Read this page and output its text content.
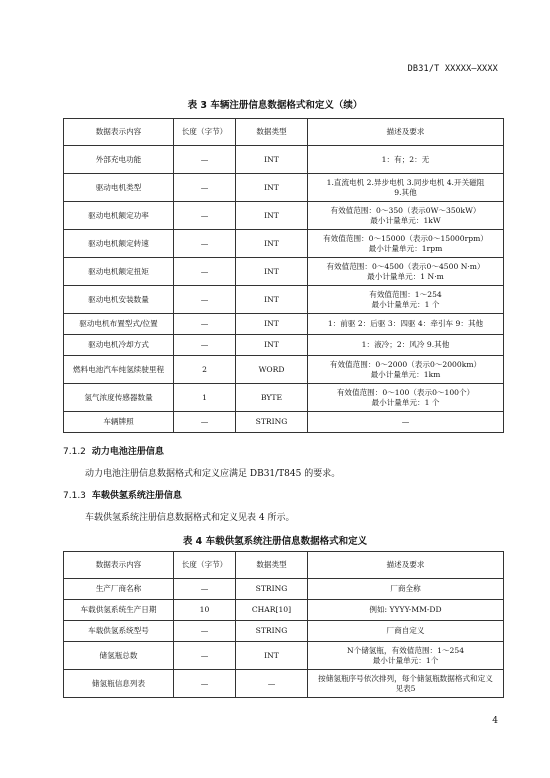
DB31/T XXXXX—XXXX
表 3 车辆注册信息数据格式和定义（续）
数据表示内容	长度（字节）	数据类型	描述及要求
外部充电功能	—	INT	1：有；2：无

驱动电机类型	—	INT	1.直流电机 2.异步电机 3.同步电机 4.开关磁阻
9.其他

驱动电机额定功率	—	INT	有效值范围：0～350（表示0W～350kW）
最小计量单元：1kW

驱动电机额定转速	—	INT	有效值范围：0～15000（表示0～15000rpm）
最小计量单元：1rpm

驱动电机额定扭矩	—	INT	有效值范围：0～4500（表示0～4500 N·m）
最小计量单元：1 N·m

驱动电机安装数量	—	INT	有效值范围：1～254
最小计量单元：1 个

驱动电机布置型式/位置	—	INT	1：前驱 2：后驱 3：四驱 4：牵引车 9：其他

驱动电机冷却方式	—	INT	1：液冷；2：风冷 9.其他

燃料电池汽车纯氢续驶里程	2	WORD	有效值范围：0～2000（表示0～2000km）
最小计量单元：1km

氢气浓度传感器数量	1	BYTE	有效值范围：0～100（表示0～100个）
最小计量单元：1 个

车辆牌照	—	STRING	—
7.1.2 动力电池注册信息
动力电池注册信息数据格式和定义应满足 DB31/T845 的要求。
7.1.3 车载供氢系统注册信息
车载供氢系统注册信息数据格式和定义见表 4 所示。
表 4 车载供氢系统注册信息数据格式和定义
数据表示内容	长度（字节）	数据类型	描述及要求
生产厂商名称	—	STRING	厂商全称

车载供氢系统生产日期	10	CHAR[10]	例如: YYYY-MM-DD

车载供氢系统型号	—	STRING	厂商自定义

储氢瓶总数	—	INT	N个储氢瓶，有效值范围：1～254
最小计量单元：1个

储氢瓶信息列表	—	—	按储氢瓶序号依次排列，每个储氢瓶数据格式和定义
见表5
4
